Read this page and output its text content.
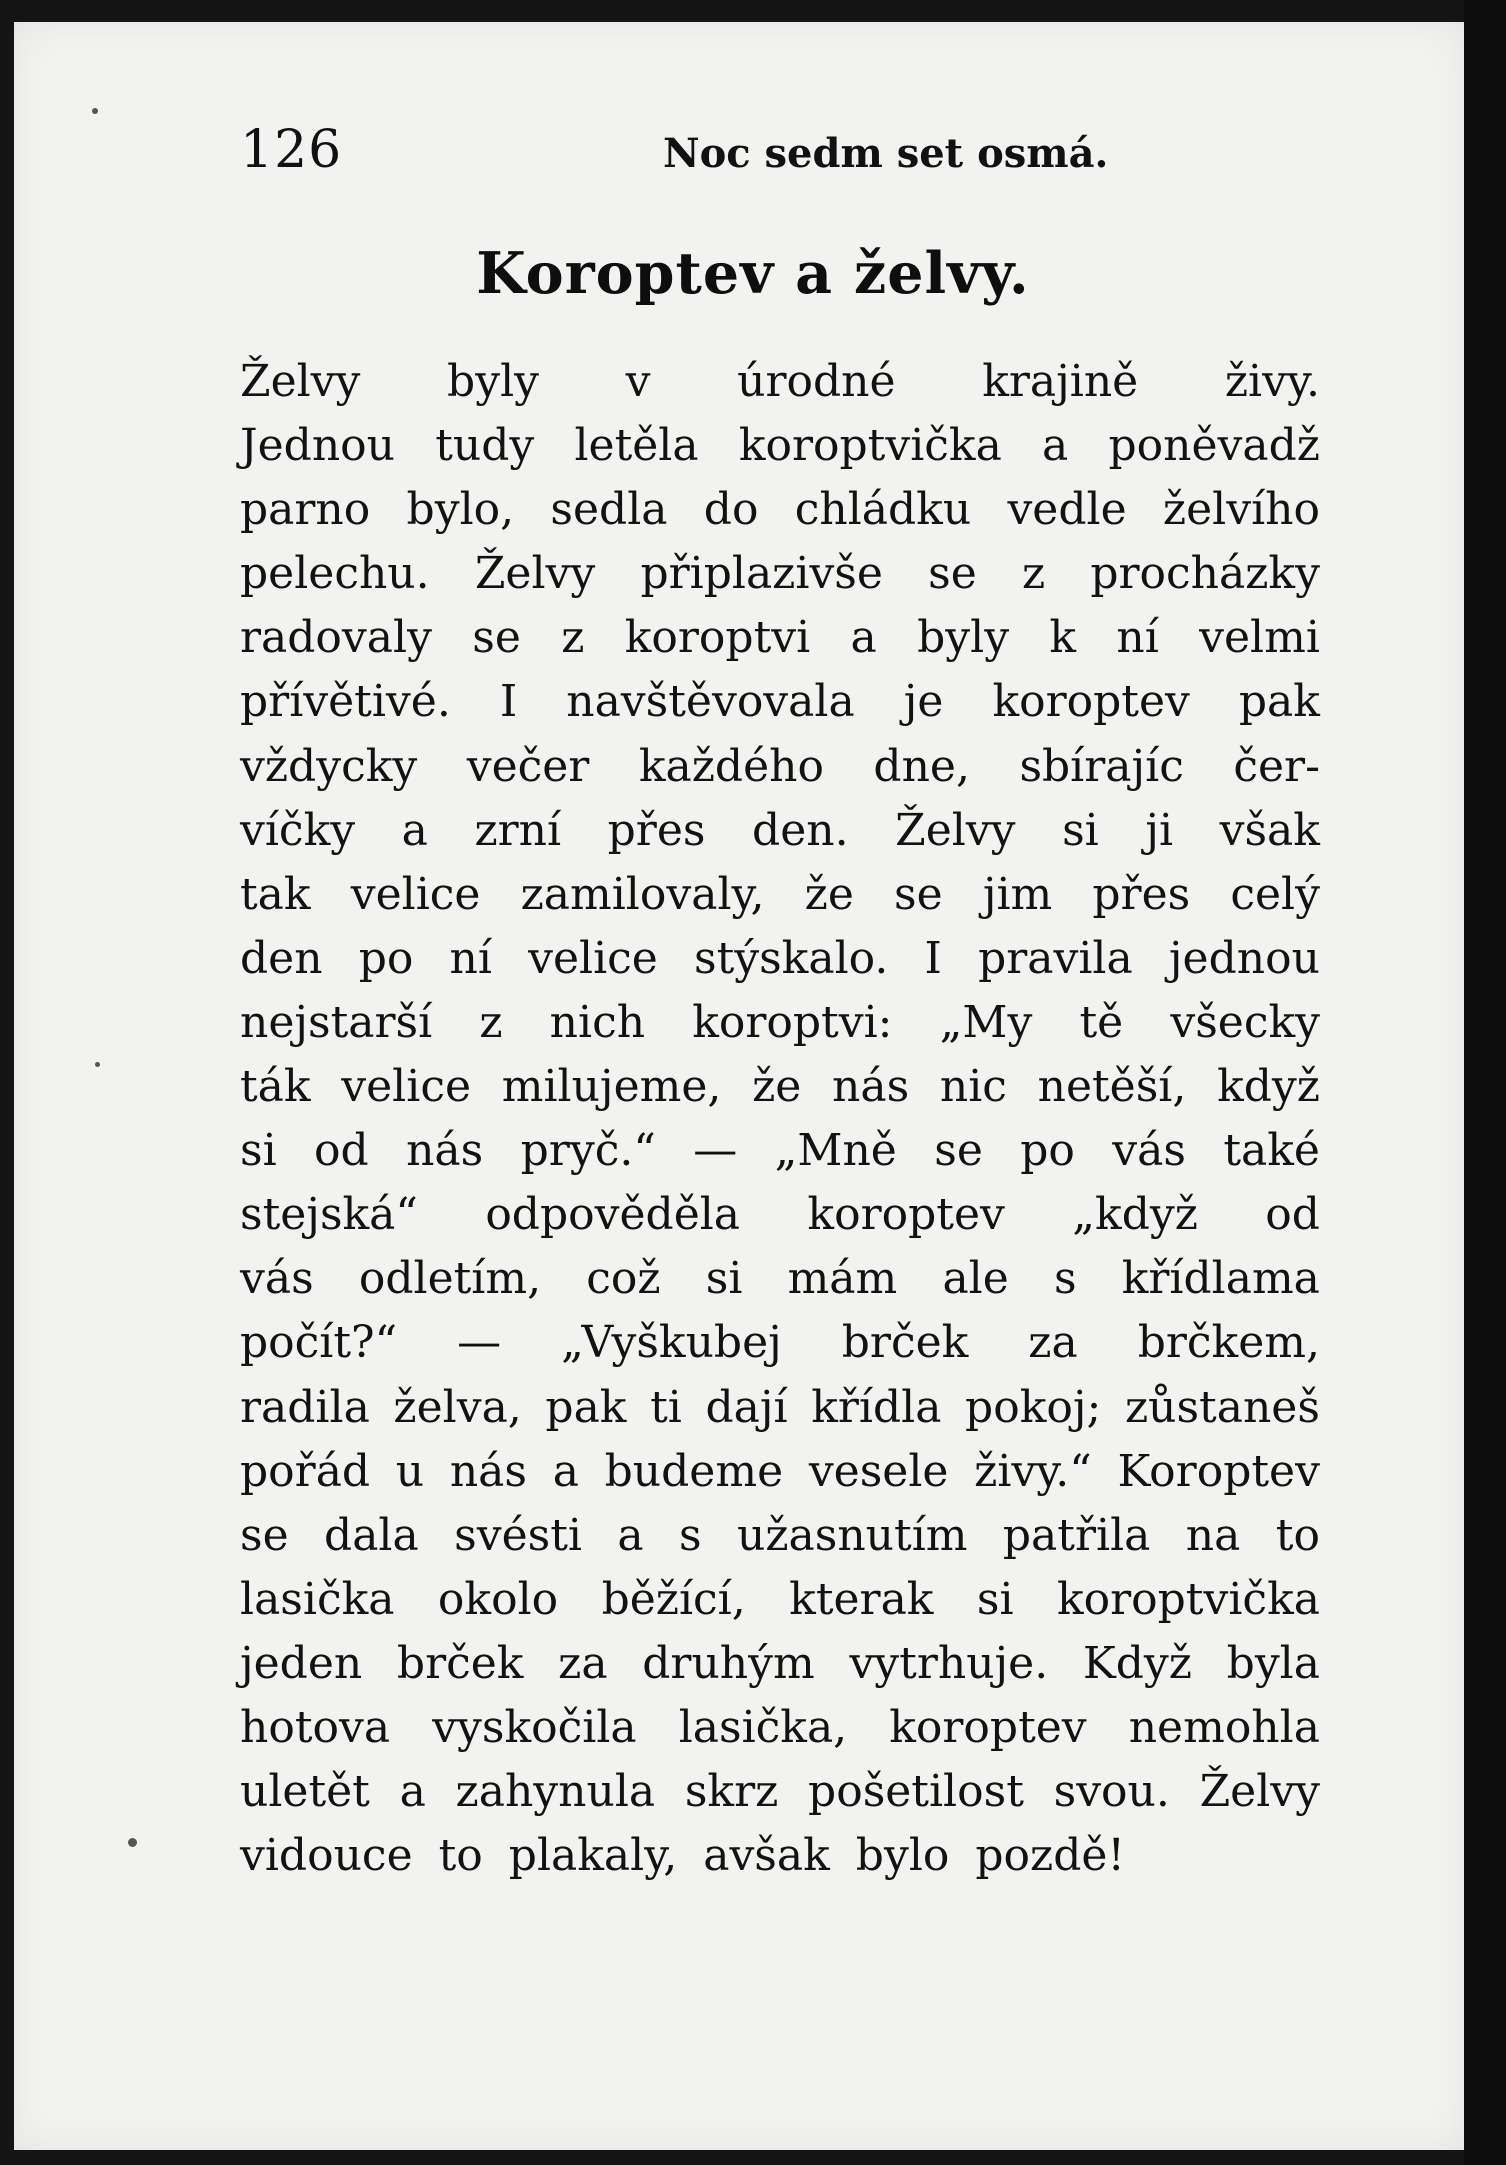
126	Noc sedm set osmá.
Koroptev a želvy.
Želvy byly v úrodné krajině živy.
Jednou tudy letěla koroptvička a poněvadž
parno bylo, sedla do chládku vedle želvího
pelechu. Želvy připlazivše se z procházky
radovaly se z koroptvi a byly k ní velmi
přívětivé. I navštěvovala je koroptev pak
vždycky večer každého dne, sbírajíc čer-
víčky a zrní přes den. Želvy si ji však
tak velice zamilovaly, že se jim přes celý
den po ní velice stýskalo. I pravila jednou
nejstarší z nich koroptvi: „My tě všecky
ták velice milujeme, že nás nic netěší, když
si od nás pryč.“ — „Mně se po vás také
stejská“ odpověděla koroptev „když od
vás odletím, což si mám ale s křídlama
počít?“ — „Vyškubej brček za brčkem,
radila želva, pak ti dají křídla pokoj; zůstaneš
pořád u nás a budeme vesele živy.“ Koroptev
se dala svésti a s užasnutím patřila na to
lasička okolo běžící, kterak si koroptvička
jeden brček za druhým vytrhuje. Když byla
hotova vyskočila lasička, koroptev nemohla
uletět a zahynula skrz pošetilost svou. Želvy
vidouce to plakaly, avšak bylo pozdě!
